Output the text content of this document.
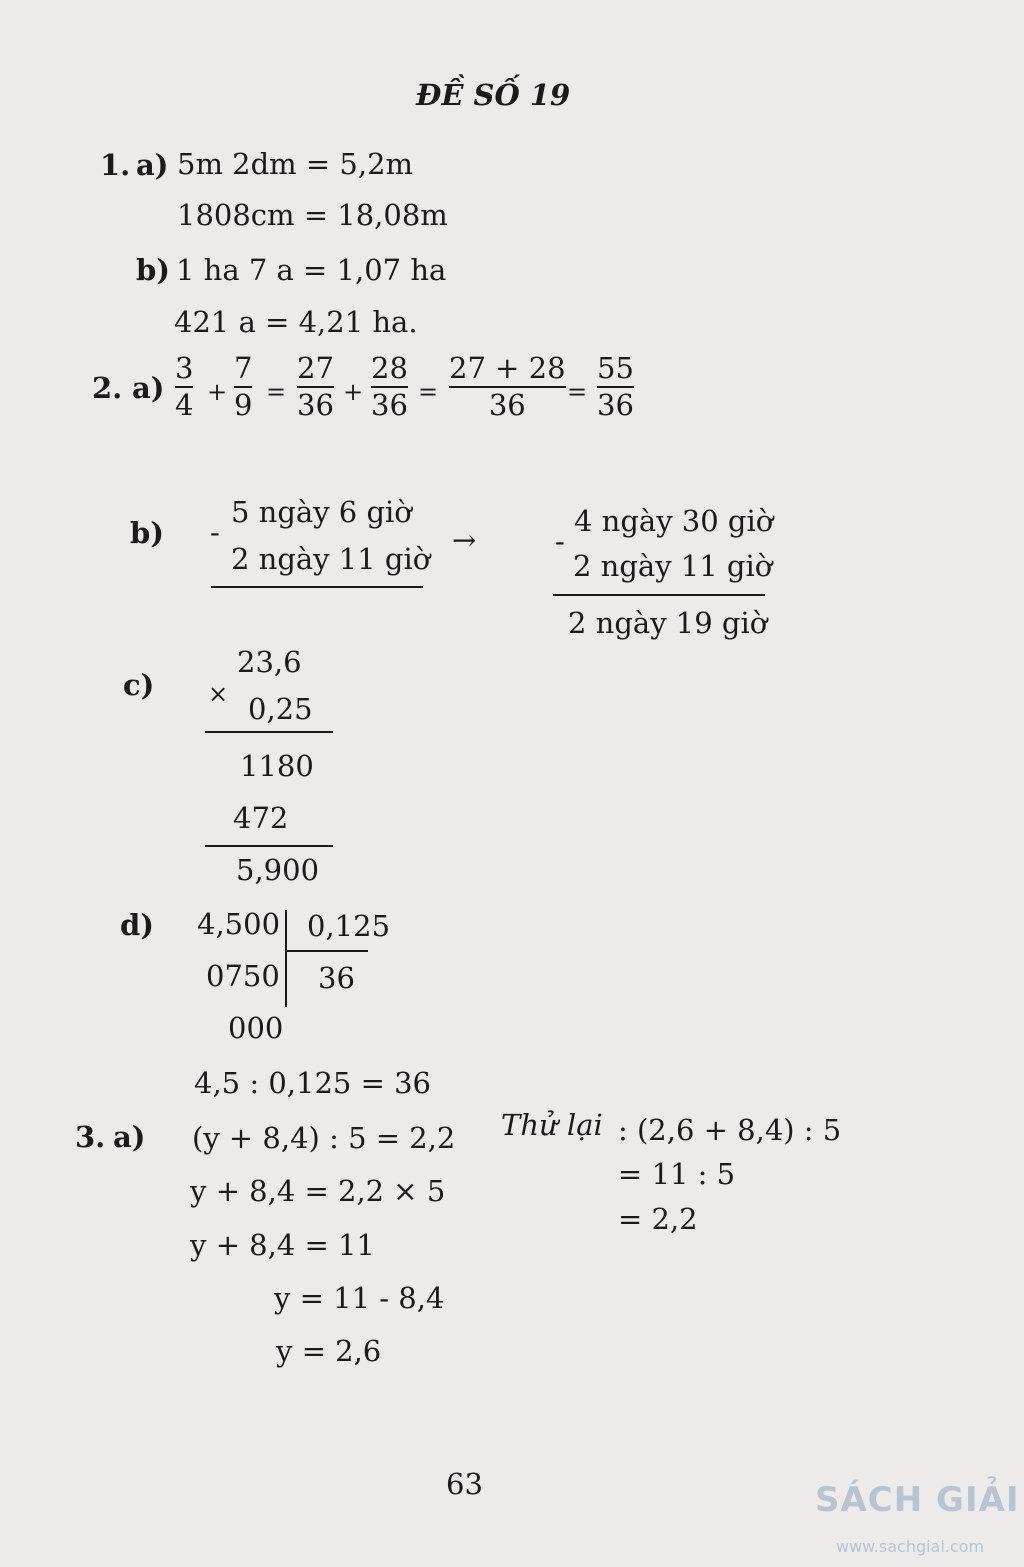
ĐỀ SỐ 19
1. a) 5m 2dm = 5,2m
1808cm = 18,08m
b) 1 ha 7 a = 1,07 ha
421 a = 4,21 ha.
2. a)
3
4 +
7
9 =
27
36 +
28
36 =
27 + 28
36 =
55
36
b) -
5 ngày 6 giờ
2 ngày 11 giờ
→	-
4 ngày 30 giờ
2 ngày 11 giờ
2 ngày 19 giờ
c)
23,6
× 0,25
1180
472
5,900
d) 4,500 0,125
0750 36
000
4,5 : 0,125 = 36
3. a) (y + 8,4) : 5 = 2,2
y + 8,4 = 2,2 × 5
y + 8,4 = 11
y = 11 - 8,4
y = 2,6
Thử lại : (2,6 + 8,4) : 5
= 11 : 5
= 2,2
63	SÁCH GIẢI
www.sachgiai.com
